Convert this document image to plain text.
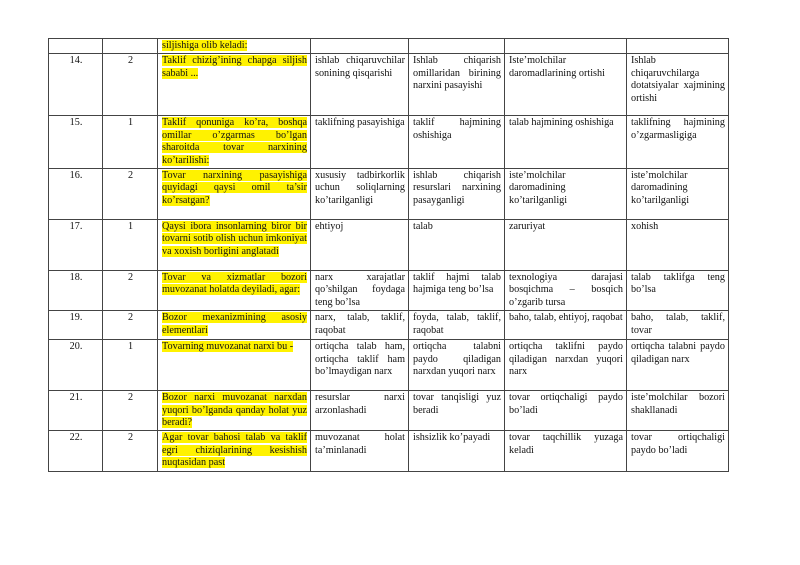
		siljishiga olib keladi:				
14.	2	Taklif chizig’ining chapga siljish sababi ...	ishlab chiqaruvchilar sonining qisqarishi	Ishlab chiqarish omillaridan birining narxini pasayishi	Iste’molchilar daromadlarining ortishi	Ishlab chiqaruvchilarga dotatsiyalar xajmining ortishi
15.	1	Taklif qonuniga ko’ra, boshqa omillar o’zgarmas bo’lgan sharoitda tovar narxining ko’tarilishi:	taklifning pasayishiga	taklif hajmining oshishiga	talab hajmining oshishiga	taklifning hajmining o’zgarmasligiga
16.	2	Tovar narxining pasayishiga quyidagi qaysi omil ta’sir ko’rsatgan?	xususiy tadbirkorlik uchun soliqlarning ko’tarilganligi	ishlab chiqarish resurslari narxining pasayganligi	iste’molchilar daromadining ko’tarilganligi	iste’molchilar daromadining ko’tarilganligi
17.	1	Qaysi ibora insonlarning biror bir tovarni sotib olish uchun imkoniyat va xoxish borligini anglatadi	ehtiyoj	talab	zaruriyat	xohish
18.	2	Tovar va xizmatlar bozori muvozanat holatda deyiladi, agar:	narx xarajatlar qo’shilgan foydaga teng bo’lsa	taklif hajmi talab hajmiga teng bo’lsa	texnologiya darajasi bosqichma – bosqich o’zgarib tursa	talab taklifga teng bo’lsa
19.	2	Bozor mexanizmining asosiy elementlari	narx, talab, taklif, raqobat	foyda, talab, taklif, raqobat	baho, talab, ehtiyoj, raqobat	baho, talab, taklif, tovar
20.	1	Tovarning muvozanat narxi bu -	ortiqcha talab ham, ortiqcha taklif ham bo’lmaydigan narx	ortiqcha talabni paydo qiladigan narxdan yuqori narx	ortiqcha taklifni paydo qiladigan narxdan yuqori narx	ortiqcha talabni paydo qiladigan narx
21.	2	Bozor narxi muvozanat narxdan yuqori bo’lganda qanday holat yuz beradi?	resurslar narxi arzonlashadi	tovar tanqisligi yuz beradi	tovar ortiqchaligi paydo bo’ladi	iste’molchilar bozori shakllanadi
22.	2	Agar tovar bahosi talab va taklif egri chiziqlarining kesishish nuqtasidan past	muvozanat holat ta’minlanadi	ishsizlik ko’payadi	tovar taqchillik yuzaga keladi	tovar ortiqchaligi paydo bo’ladi
